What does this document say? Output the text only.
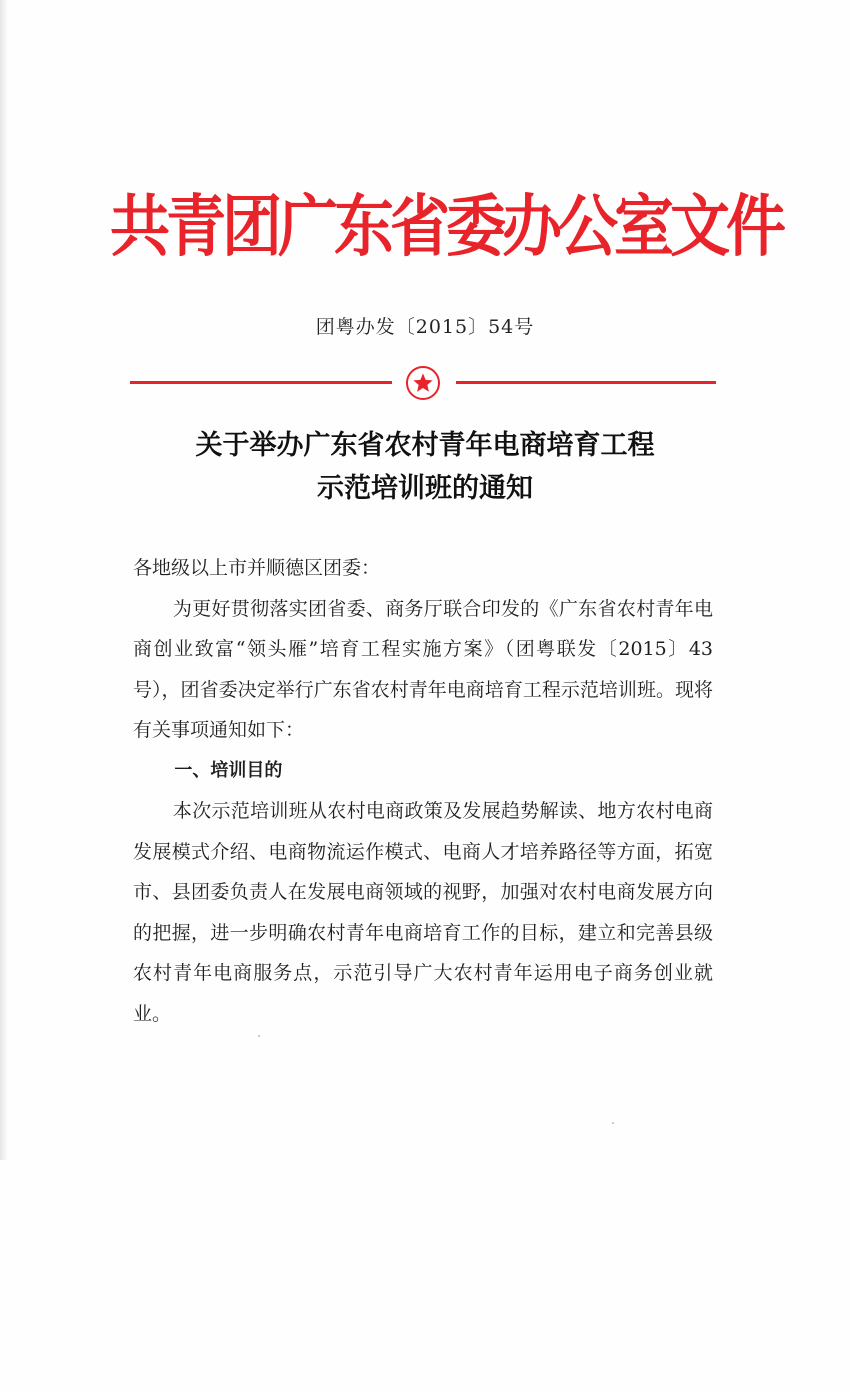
共青团广东省委办公室文件
团粤办发〔2015〕54号
关于举办广东省农村青年电商培育工程
示范培训班的通知

各地级以上市并顺德区团委：

为更好贯彻落实团省委、商务厅联合印发的《广东省农村青年电商创业致富“领头雁”培育工程实施方案》（团粤联发〔2015〕43号），团省委决定举行广东省农村青年电商培育工程示范培训班。现将有关事项通知如下：

一、培训目的

本次示范培训班从农村电商政策及发展趋势解读、地方农村电商发展模式介绍、电商物流运作模式、电商人才培养路径等方面，拓宽市、县团委负责人在发展电商领域的视野，加强对农村电商发展方向的把握，进一步明确农村青年电商培育工作的目标，建立和完善县级农村青年电商服务点，示范引导广大农村青年运用电子商务创业就业。
